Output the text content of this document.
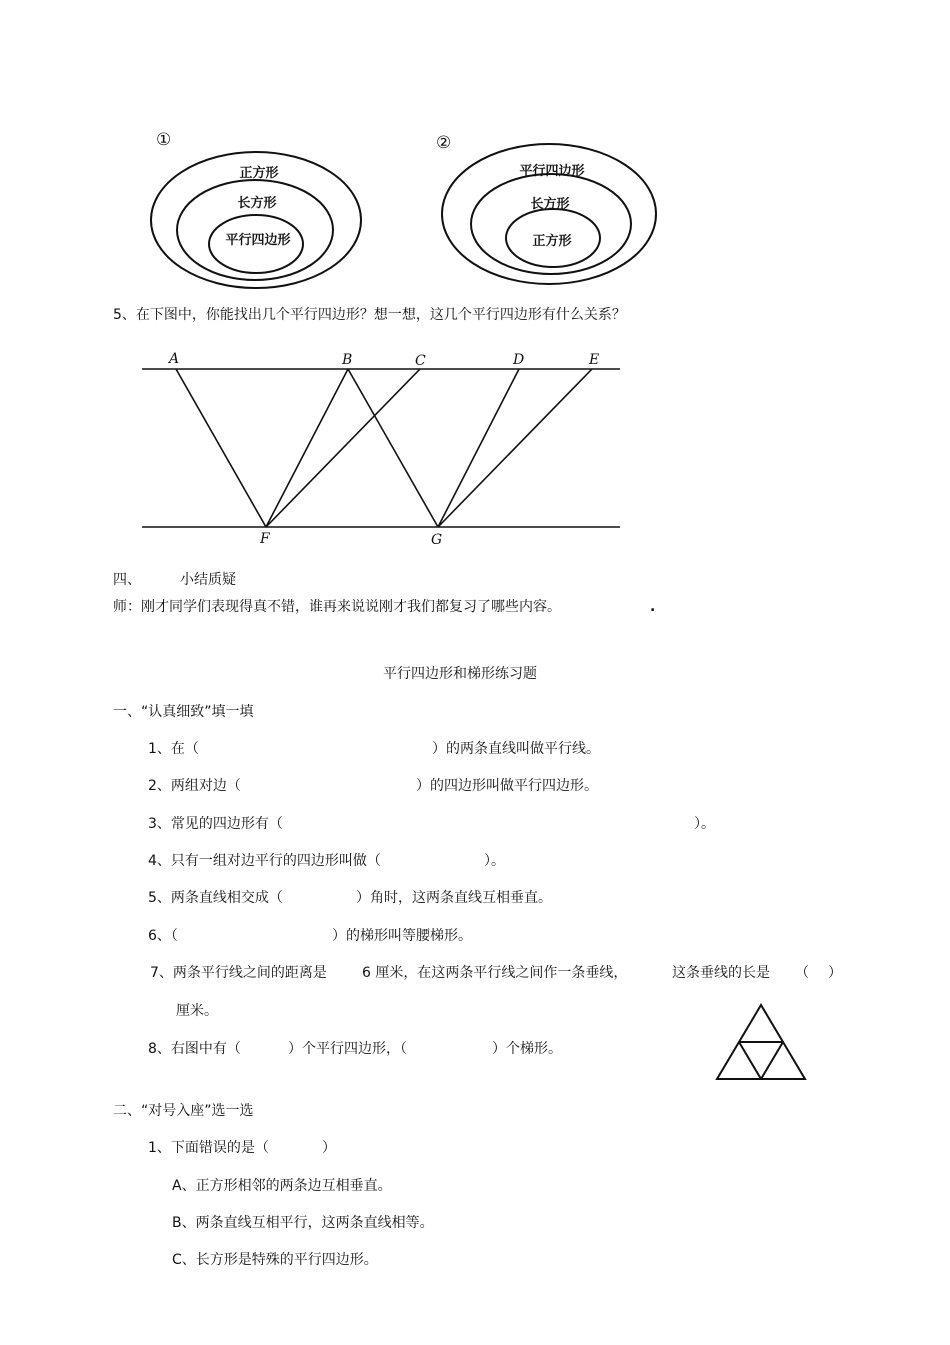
①
正方形
长方形
平行四边形
②
平行四边形
长方形
正方形
5、在下图中，你能找出几个平行四边形？想一想，这几个平行四边形有什么关系？
A	B	C	D	E
F	G
四、	小结质疑
师：刚才同学们表现得真不错，谁再来说说刚才我们都复习了哪些内容。	.
平行四边形和梯形练习题
一、“认真细致”填一填
1、在（	）的两条直线叫做平行线。
2、两组对边（	）的四边形叫做平行四边形。
3、常见的四边形有（	）。
4、只有一组对边平行的四边形叫做（	）。
5、两条直线相交成（	）角时，这两条直线互相垂直。
6、（	）的梯形叫等腰梯形。
7、两条平行线之间的距离是	6 厘米，在这两条平行线之间作一条垂线，	这条垂线的长是 （ ）
厘米。
8、右图中有（	）个平行四边形，（	）个梯形。
二、“对号入座”选一选
1、下面错误的是（	）
A、正方形相邻的两条边互相垂直。
B、两条直线互相平行，这两条直线相等。
C、长方形是特殊的平行四边形。
